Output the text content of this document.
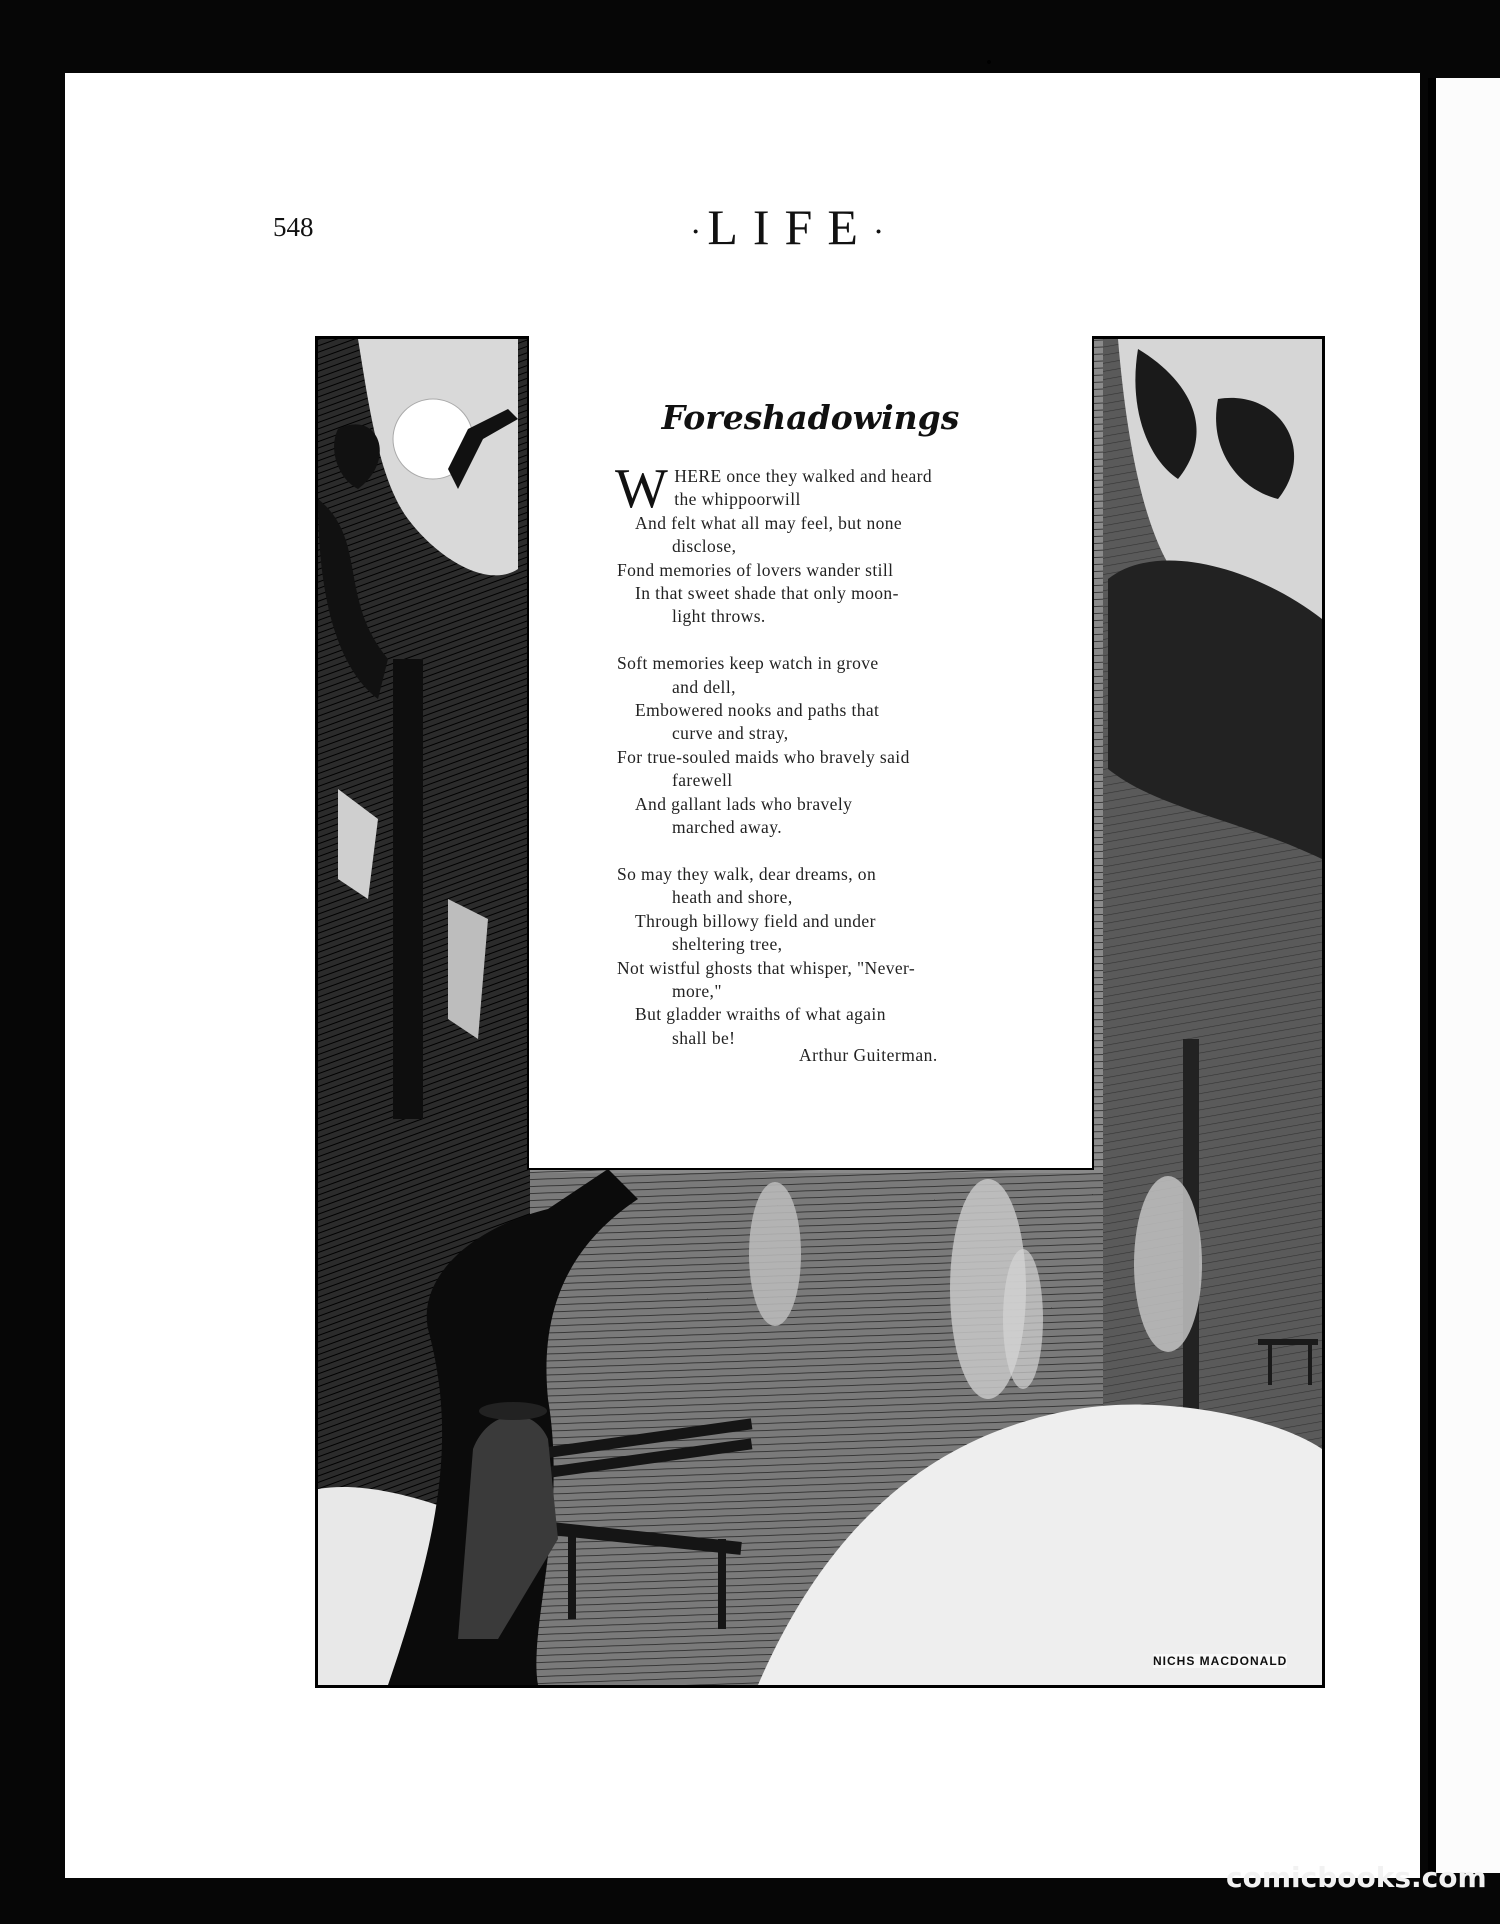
548	·LIFE·
Foreshadowings
W HERE once they walked and heard
the whippoorwill
And felt what all may feel, but none
disclose,
Fond memories of lovers wander still
In that sweet shade that only moon-
light throws.
Soft memories keep watch in grove
and dell,
Embowered nooks and paths that
curve and stray,
For true-souled maids who bravely said
farewell
And gallant lads who bravely
marched away.
So may they walk, dear dreams, on
heath and shore,
Through billowy field and under
sheltering tree,
Not wistful ghosts that whisper, "Never-
more,"
But gladder wraiths of what again
shall be!
Arthur Guiterman.
NICHS MACDONALD
comicbooks.com
